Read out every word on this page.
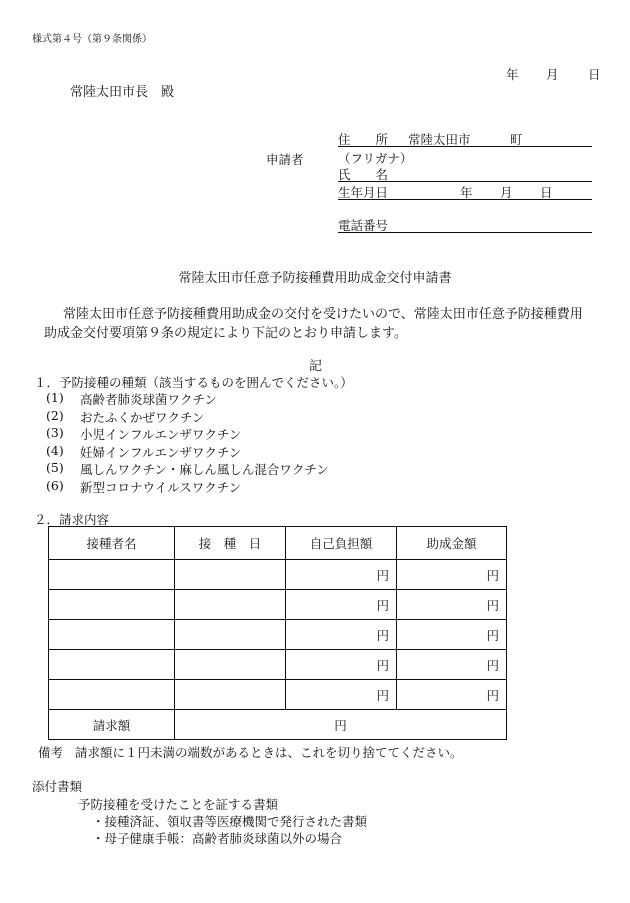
様式第４号（第９条関係）
年 月 日
常陸太田市長　殿
申請者
住　　所 常陸太田市	町
（フリガナ）
氏　　名
生年月日	年 月 日
電話番号
常陸太田市任意予防接種費用助成金交付申請書
常陸太田市任意予防接種費用助成金の交付を受けたいので、常陸太田市任意予防接種費用
助成金交付要項第９条の規定により下記のとおり申請します。
記
１．予防接種の種類（該当するものを囲んでください。）
(1) 高齢者肺炎球菌ワクチン
(2) おたふくかぜワクチン
(3) 小児インフルエンザワクチン
(4) 妊婦インフルエンザワクチン
(5) 風しんワクチン・麻しん風しん混合ワクチン
(6) 新型コロナウイルスワクチン
２．請求内容
接種者名	接　種　日	自己負担額	助成金額
		円	円
		円	円
		円	円
		円	円
		円	円
請求額	円		
備考 請求額に１円未満の端数があるときは、これを切り捨ててください。
添付書類
予防接種を受けたことを証する書類
・接種済証、領収書等医療機関で発行された書類
・母子健康手帳：高齢者肺炎球菌以外の場合
